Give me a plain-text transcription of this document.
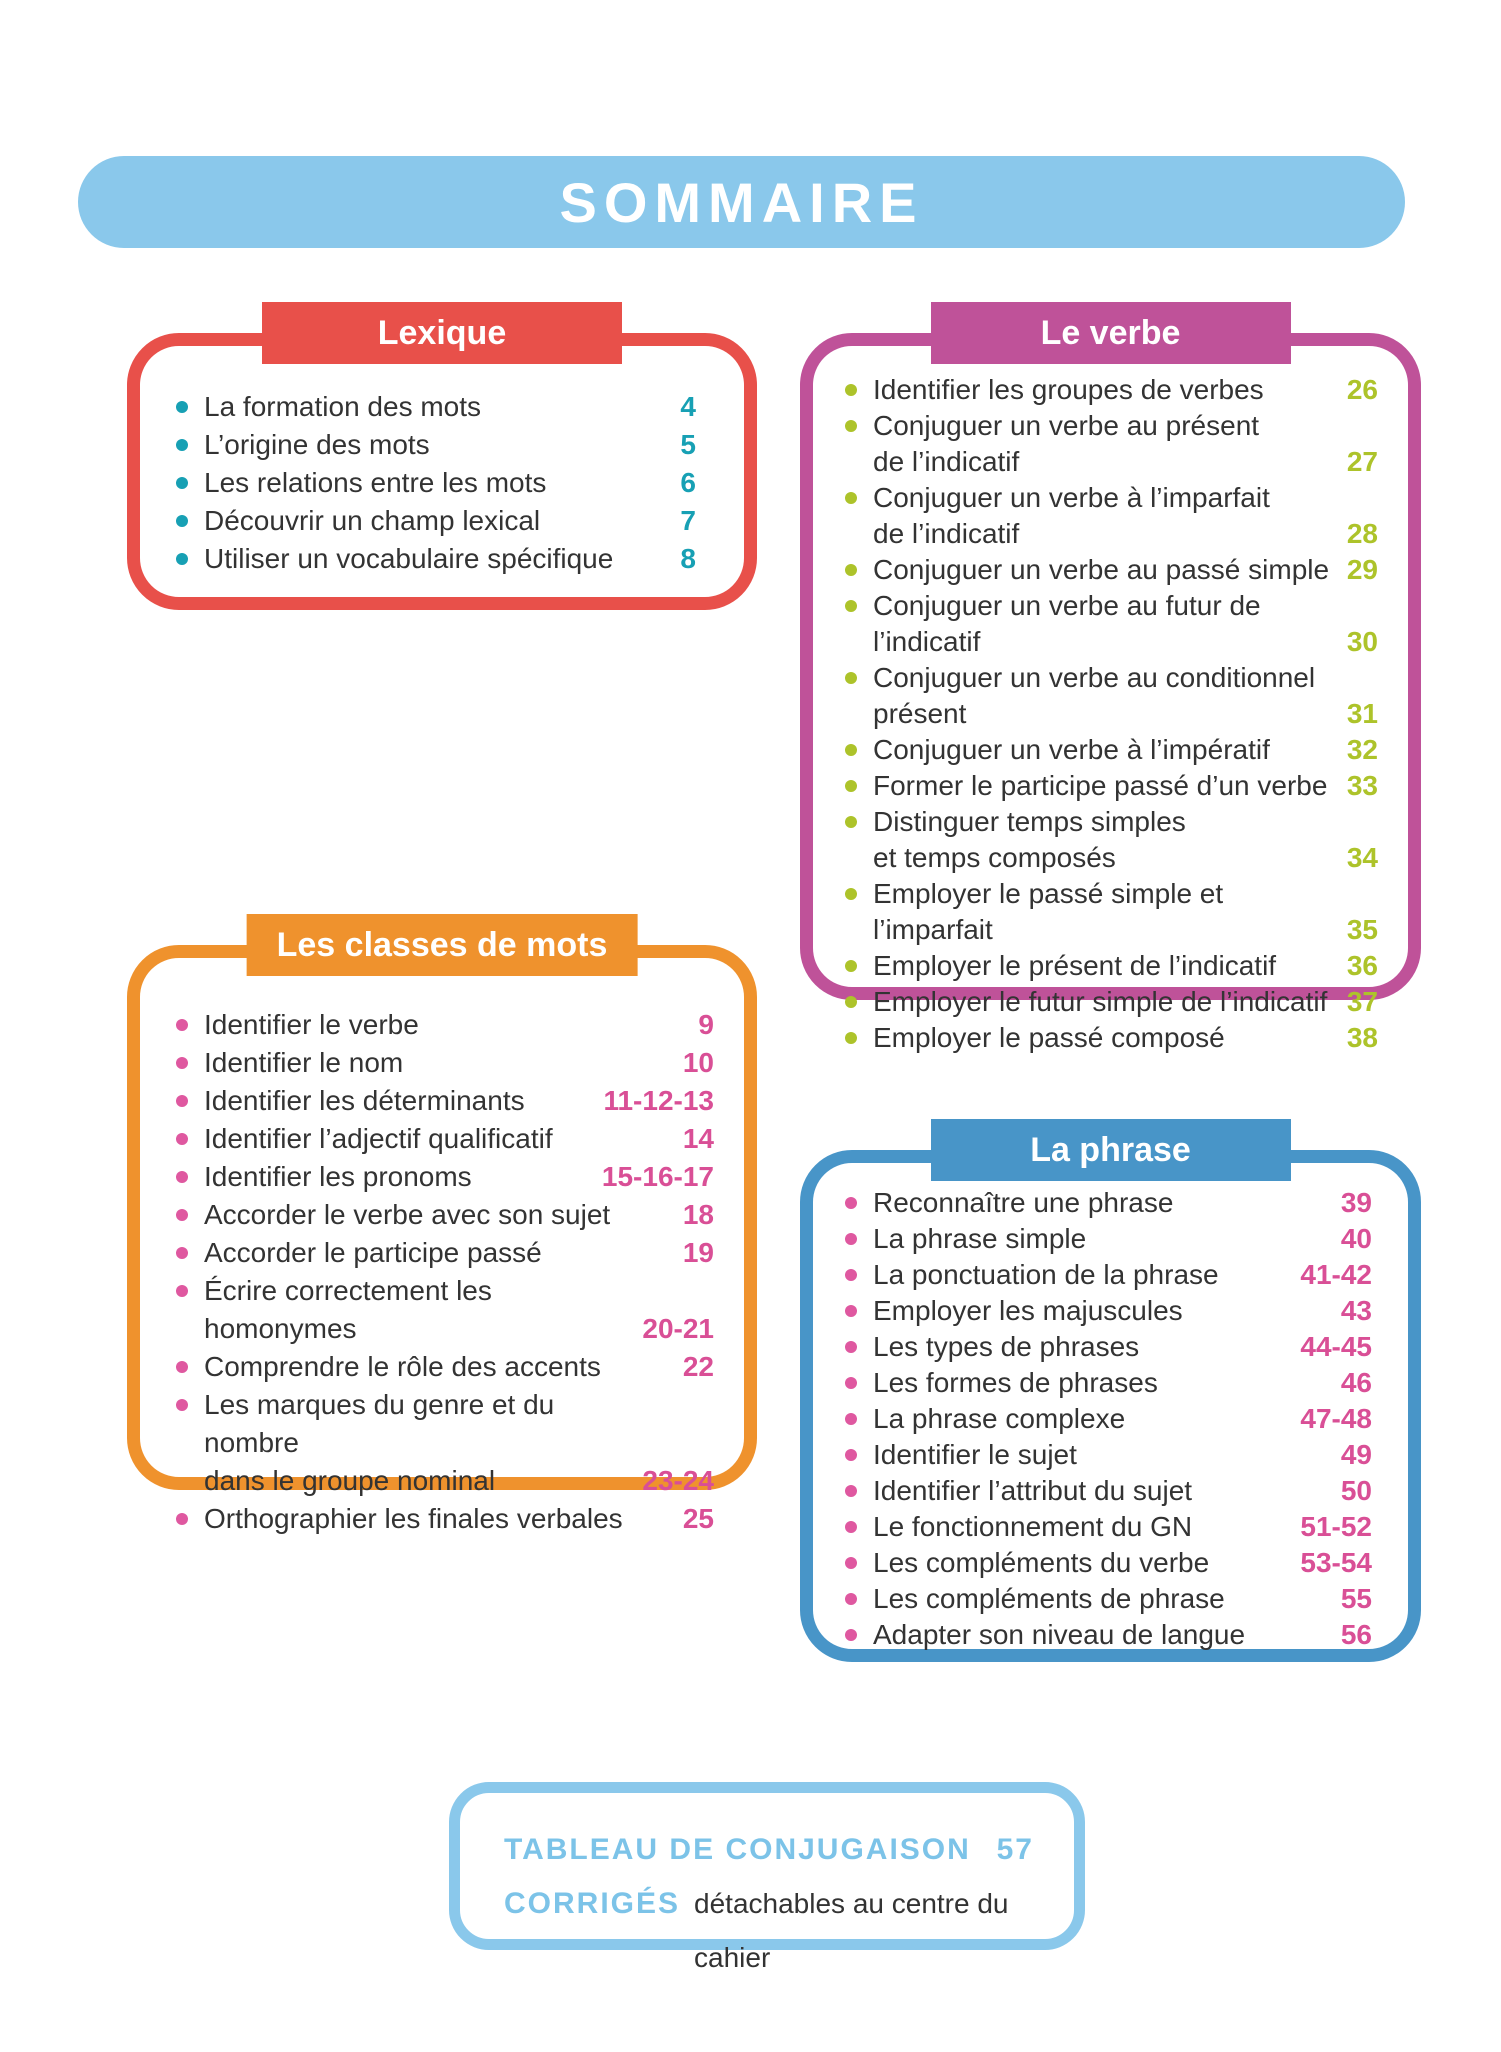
SOMMAIRE
Lexique
La formation des mots	4
L’origine des mots	5
Les relations entre les mots	6
Découvrir un champ lexical	7
Utiliser un vocabulaire spécifique	8
Le verbe
Identifier les groupes de verbes	26
Conjuguer un verbe au présent
de l’indicatif	27
Conjuguer un verbe à l’imparfait
de l’indicatif	28
Conjuguer un verbe au passé simple 29
Conjuguer un verbe au futur de l’indicatif	30
Conjuguer un verbe au conditionnel
présent	31
Conjuguer un verbe à l’impératif	32
Former le participe passé d’un verbe 33
Distinguer temps simples
et temps composés	34
Employer le passé simple et l’imparfait	35
Employer le présent de l’indicatif	36
Employer le futur simple de l’indicatif 37
Employer le passé composé	38
Les classes de mots
Identifier le verbe	9
Identifier le nom	10
Identifier les déterminants	11-12-13
Identifier l’adjectif qualificatif	14
Identifier les pronoms	15-16-17
Accorder le verbe avec son sujet	18
Accorder le participe passé	19
Écrire correctement les homonymes	20-21
Comprendre le rôle des accents	22
Les marques du genre et du nombre
dans le groupe nominal	23-24
Orthographier les finales verbales	25
La phrase
Reconnaître une phrase	39
La phrase simple	40
La ponctuation de la phrase	41-42
Employer les majuscules	43
Les types de phrases	44-45
Les formes de phrases	46
La phrase complexe	47-48
Identifier le sujet	49
Identifier l’attribut du sujet	50
Le fonctionnement du GN	51-52
Les compléments du verbe	53-54
Les compléments de phrase	55
Adapter son niveau de langue	56
TABLEAU DE CONJUGAISON 57
CORRIGÉS détachables au centre du cahier
